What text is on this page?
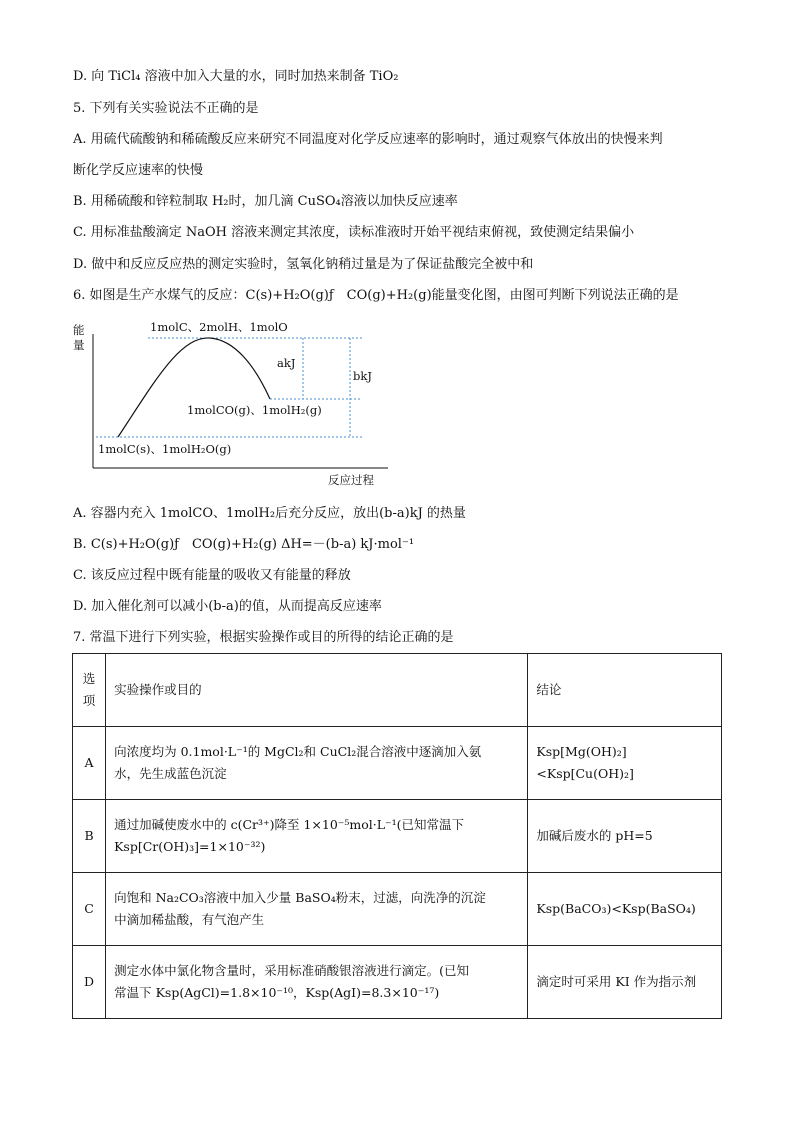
D. 向 TiCl₄ 溶液中加入大量的水，同时加热来制备 TiO₂
5. 下列有关实验说法不正确的是
A. 用硫代硫酸钠和稀硫酸反应来研究不同温度对化学反应速率的影响时，通过观察气体放出的快慢来判
断化学反应速率的快慢
B. 用稀硫酸和锌粒制取 H₂时，加几滴 CuSO₄溶液以加快反应速率
C. 用标准盐酸滴定 NaOH 溶液来测定其浓度，读标准液时开始平视结束俯视，致使测定结果偏小
D. 做中和反应反应热的测定实验时，氢氧化钠稍过量是为了保证盐酸完全被中和
6. 如图是生产水煤气的反应：C(s)+H₂O(g)ƒ　CO(g)+H₂(g)能量变化图，由图可判断下列说法正确的是
能
量
反应过程
1molC、2molH、1molO
akJ
bkJ
1molCO(g)、1molH₂(g)
1molC(s)、1molH₂O(g)
A. 容器内充入 1molCO、1molH₂后充分反应，放出(b-a)kJ 的热量
B. C(s)+H₂O(g)ƒ　CO(g)+H₂(g) ΔH=－(b-a) kJ·mol⁻¹
C. 该反应过程中既有能量的吸收又有能量的释放
D. 加入催化剂可以减小(b-a)的值，从而提高反应速率
7. 常温下进行下列实验，根据实验操作或目的所得的结论正确的是
选
项	实验操作或目的	结论
A	向浓度均为 0.1mol·L⁻¹的 MgCl₂和 CuCl₂混合溶液中逐滴加入氨
水，先生成蓝色沉淀	Ksp[Mg(OH)₂]<Ksp[Cu(OH)₂]
B	通过加碱使废水中的 c(Cr³⁺)降至 1×10⁻⁵mol·L⁻¹(已知常温下
Ksp[Cr(OH)₃]=1×10⁻³²)	加碱后废水的 pH=5
C	向饱和 Na₂CO₃溶液中加入少量 BaSO₄粉末，过滤，向洗净的沉淀
中滴加稀盐酸，有气泡产生	Ksp(BaCO₃)<Ksp(BaSO₄)
D	测定水体中氯化物含量时，采用标准硝酸银溶液进行滴定。(已知
常温下 Ksp(AgCl)=1.8×10⁻¹⁰，Ksp(AgI)=8.3×10⁻¹⁷)	滴定时可采用 KI 作为指示剂
